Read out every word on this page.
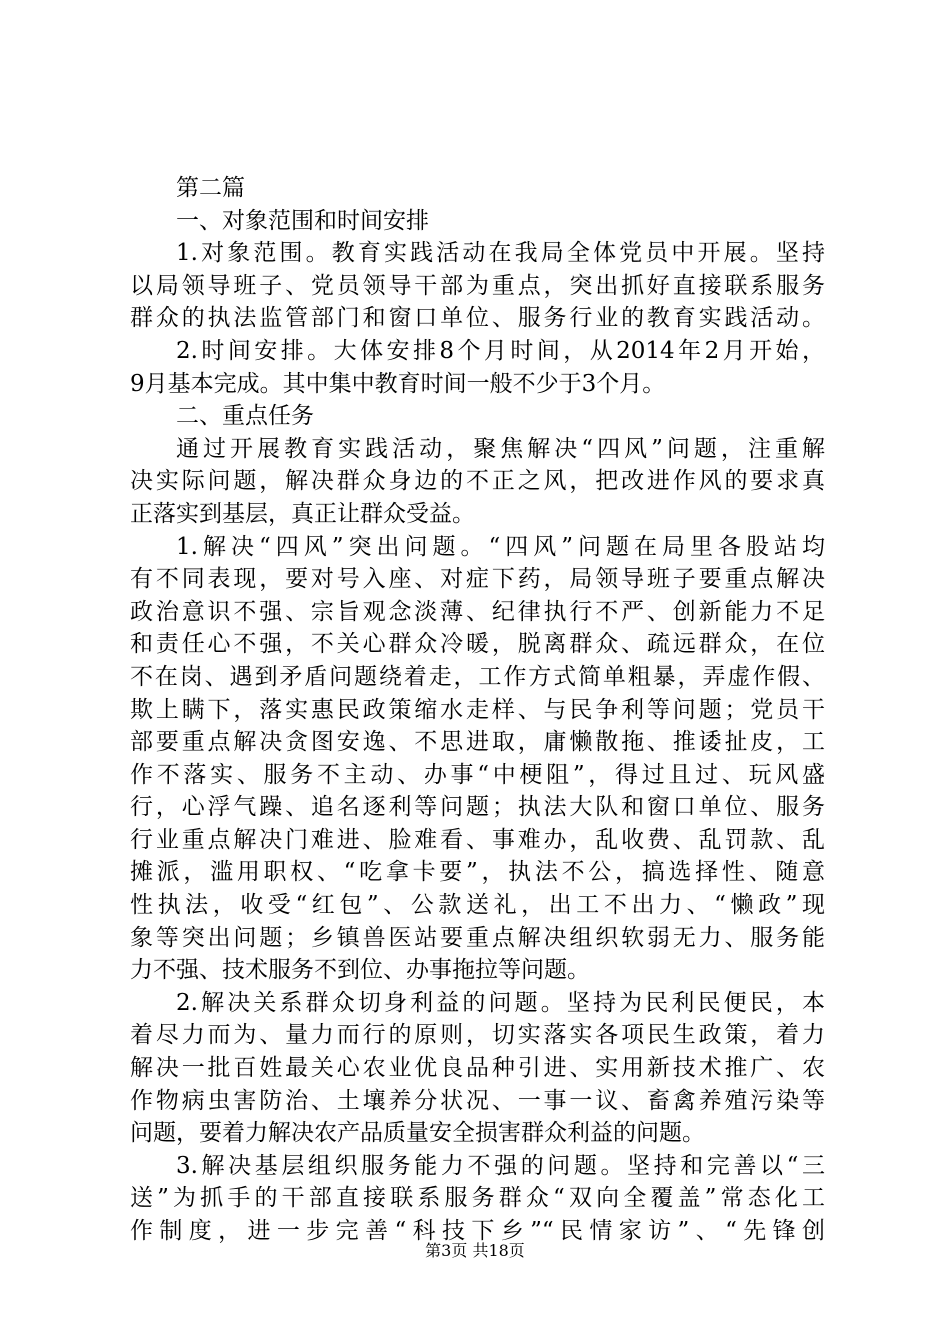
第二篇
一、对象范围和时间安排
1.对象范围。教育实践活动在我局全体党员中开展。坚持
以局领导班子、党员领导干部为重点，突出抓好直接联系服务
群众的执法监管部门和窗口单位、服务行业的教育实践活动。
2.时间安排。大体安排8个月时间，从2014年2月开始，
9月基本完成。其中集中教育时间一般不少于3个月。
二、重点任务
通过开展教育实践活动，聚焦解决“四风”问题，注重解
决实际问题，解决群众身边的不正之风，把改进作风的要求真
正落实到基层，真正让群众受益。
1.解决“四风”突出问题。“四风”问题在局里各股站均
有不同表现，要对号入座、对症下药，局领导班子要重点解决
政治意识不强、宗旨观念淡薄、纪律执行不严、创新能力不足
和责任心不强，不关心群众冷暖，脱离群众、疏远群众，在位
不在岗、遇到矛盾问题绕着走，工作方式简单粗暴，弄虚作假、
欺上瞒下，落实惠民政策缩水走样、与民争利等问题；党员干
部要重点解决贪图安逸、不思进取，庸懒散拖、推诿扯皮，工
作不落实、服务不主动、办事“中梗阻”，得过且过、玩风盛
行，心浮气躁、追名逐利等问题；执法大队和窗口单位、服务
行业重点解决门难进、脸难看、事难办，乱收费、乱罚款、乱
摊派，滥用职权、“吃拿卡要”，执法不公，搞选择性、随意
性执法，收受“红包”、公款送礼，出工不出力、“懒政”现
象等突出问题；乡镇兽医站要重点解决组织软弱无力、服务能
力不强、技术服务不到位、办事拖拉等问题。
2.解决关系群众切身利益的问题。坚持为民利民便民，本
着尽力而为、量力而行的原则，切实落实各项民生政策，着力
解决一批百姓最关心农业优良品种引进、实用新技术推广、农
作物病虫害防治、土壤养分状况、一事一议、畜禽养殖污染等
问题，要着力解决农产品质量安全损害群众利益的问题。
3.解决基层组织服务能力不强的问题。坚持和完善以“三
送”为抓手的干部直接联系服务群众“双向全覆盖”常态化工
作制度，进一步完善“科技下乡”“民情家访”、“先锋创
第3页 共18页
